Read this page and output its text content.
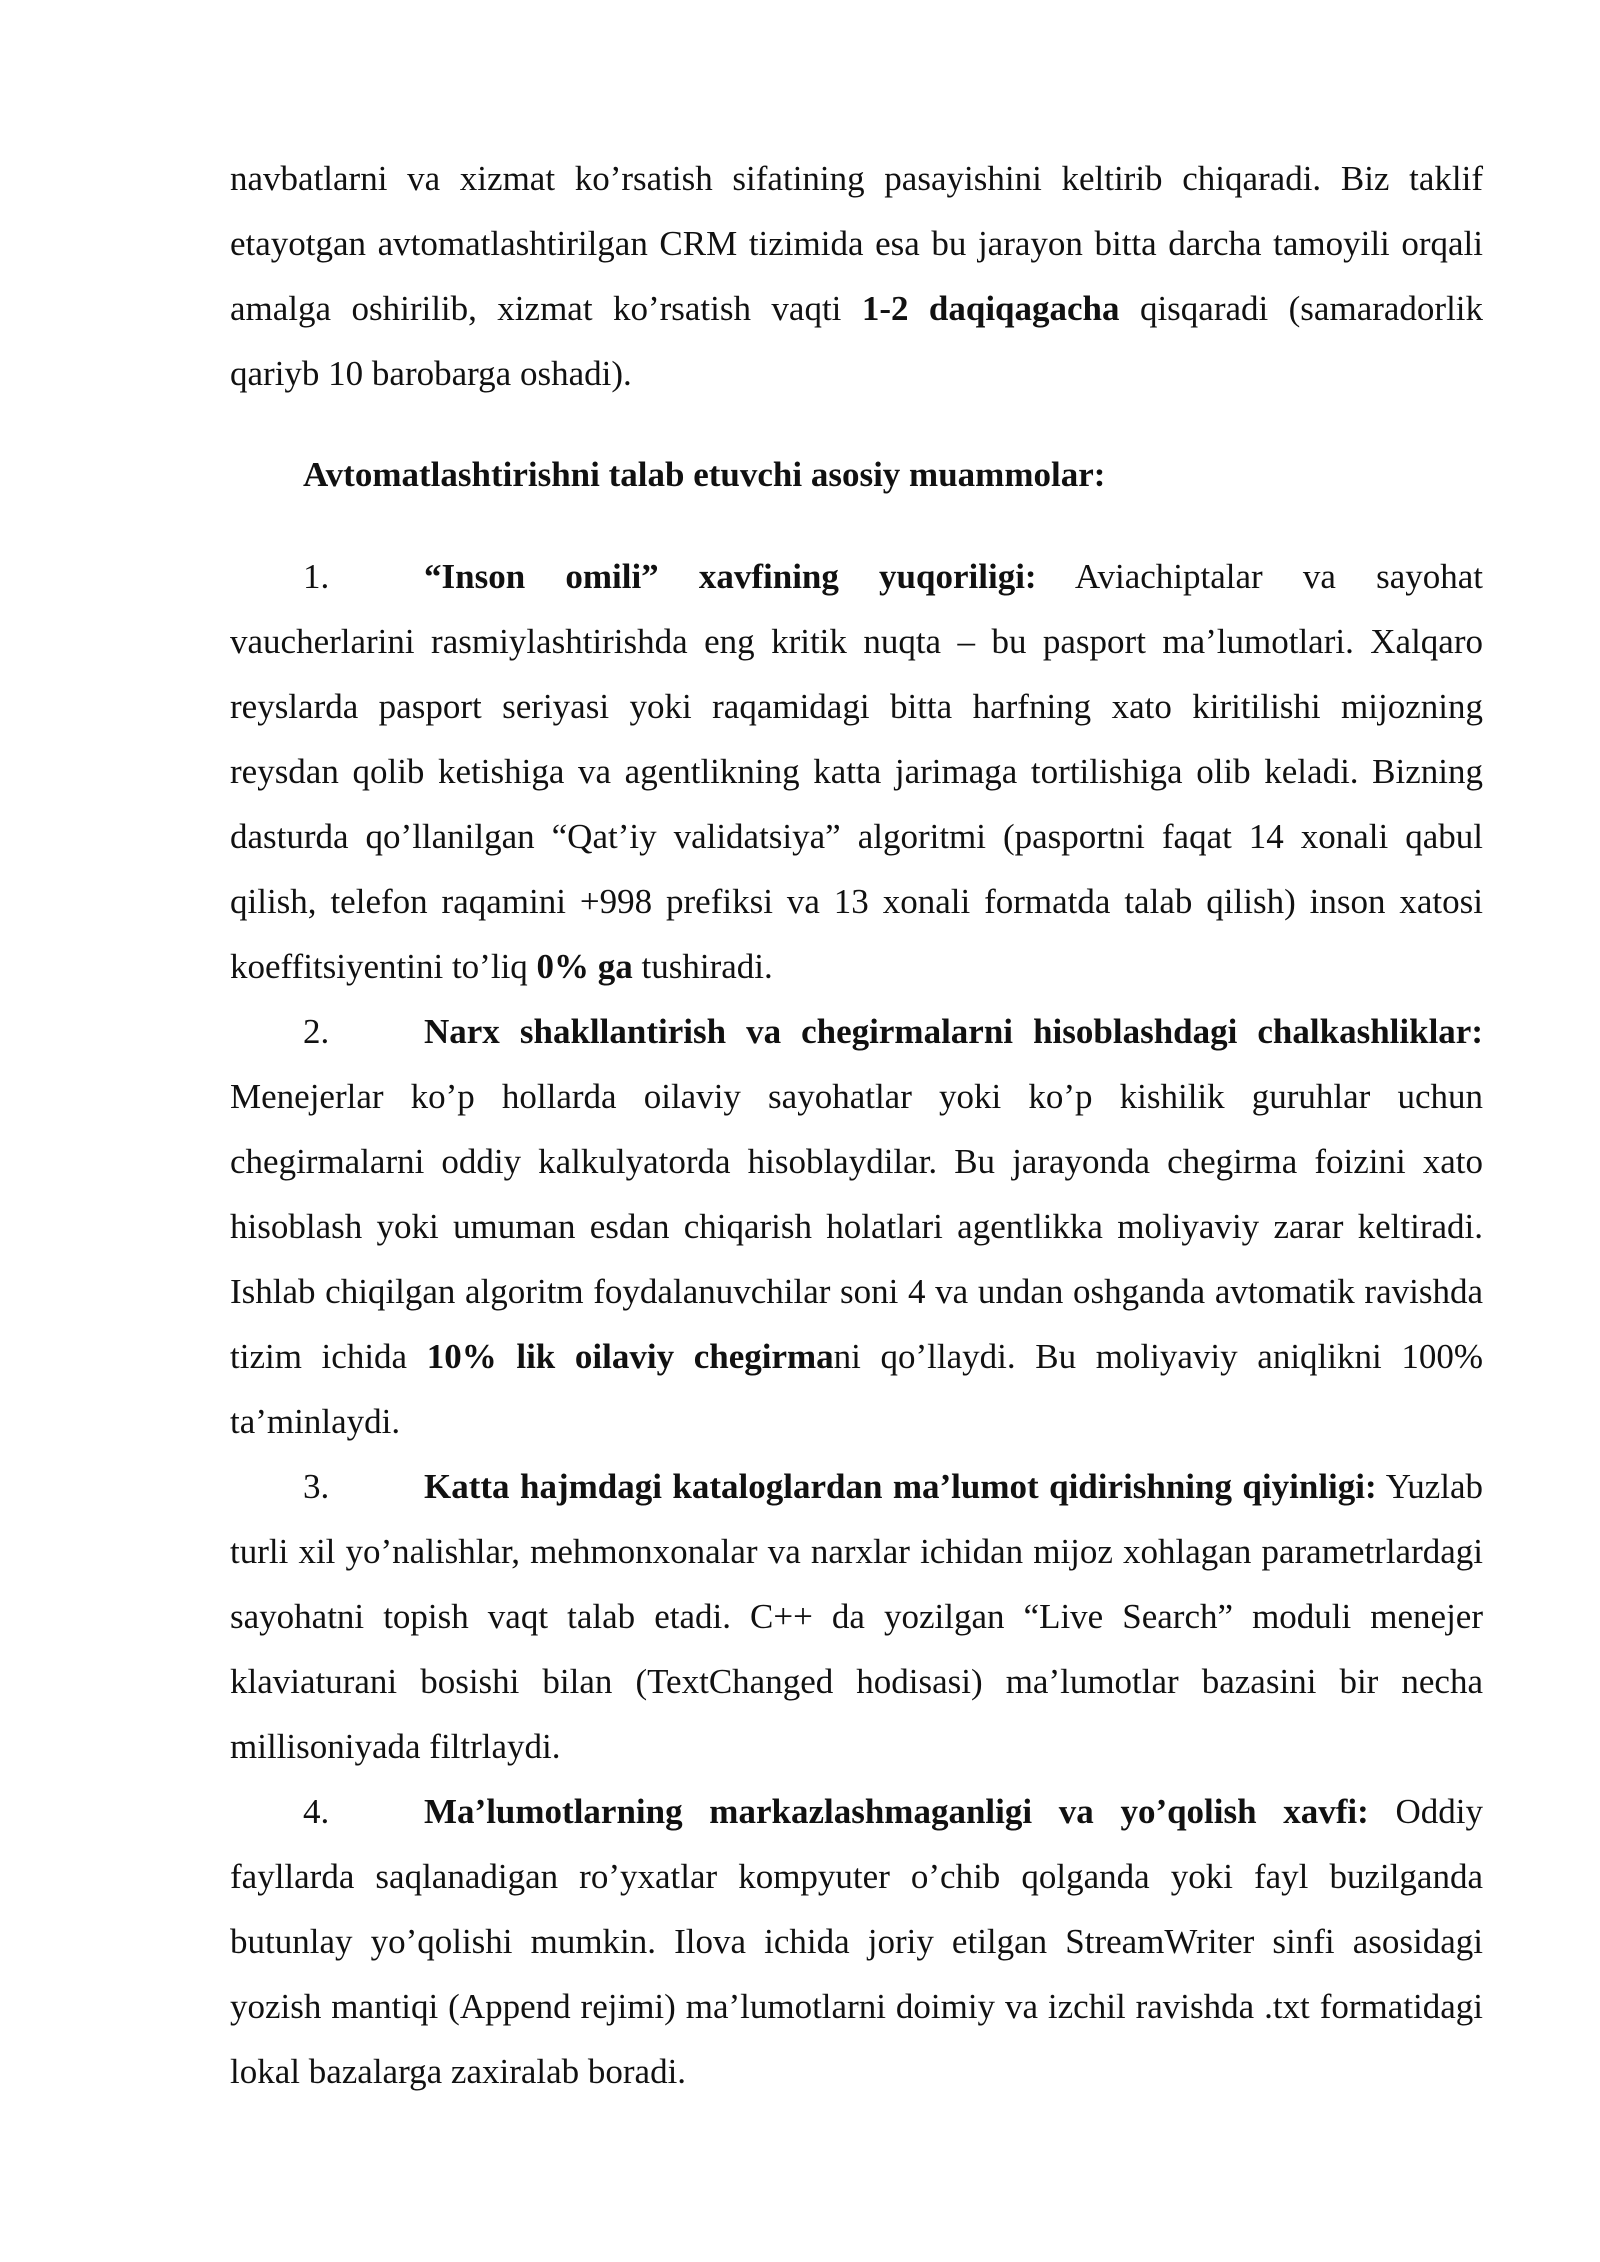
navbatlarni va xizmat ko’rsatish sifatining pasayishini keltirib chiqaradi. Biz taklif etayotgan avtomatlashtirilgan CRM tizimida esa bu jarayon bitta darcha tamoyili orqali amalga oshirilib, xizmat ko’rsatish vaqti 1-2 daqiqagacha qisqaradi (samaradorlik qariyb 10 barobarga oshadi).

Avtomatlashtirishni talab etuvchi asosiy muammolar:

1.	“Inson omili” xavfining yuqoriligi: Aviachiptalar va sayohat vaucherlarini rasmiylashtirishda eng kritik nuqta – bu pasport ma’lumotlari. Xalqaro reyslarda pasport seriyasi yoki raqamidagi bitta harfning xato kiritilishi mijozning reysdan qolib ketishiga va agentlikning katta jarimaga tortilishiga olib keladi. Bizning dasturda qo’llanilgan “Qat’iy validatsiya” algoritmi (pasportni faqat 14 xonali qabul qilish, telefon raqamini +998 prefiksi va 13 xonali formatda talab qilish) inson xatosi koeffitsiyentini to’liq 0% ga tushiradi.

2.	Narx shakllantirish va chegirmalarni hisoblashdagi chalkashliklar: Menejerlar ko’p hollarda oilaviy sayohatlar yoki ko’p kishilik guruhlar uchun chegirmalarni oddiy kalkulyatorda hisoblaydilar. Bu jarayonda chegirma foizini xato hisoblash yoki umuman esdan chiqarish holatlari agentlikka moliyaviy zarar keltiradi. Ishlab chiqilgan algoritm foydalanuvchilar soni 4 va undan oshganda avtomatik ravishda tizim ichida 10% lik oilaviy chegirmani qo’llaydi. Bu moliyaviy aniqlikni 100% ta’minlaydi.

3.	Katta hajmdagi kataloglardan ma’lumot qidirishning qiyinligi: Yuzlab turli xil yo’nalishlar, mehmonxonalar va narxlar ichidan mijoz xohlagan parametrlardagi sayohatni topish vaqt talab etadi. C++ da yozilgan “Live Search” moduli menejer klaviaturani bosishi bilan (TextChanged hodisasi) ma’lumotlar bazasini bir necha millisoniyada filtrlaydi.

4.	Ma’lumotlarning markazlashmaganligi va yo’qolish xavfi: Oddiy fayllarda saqlanadigan ro’yxatlar kompyuter o’chib qolganda yoki fayl buzilganda butunlay yo’qolishi mumkin. Ilova ichida joriy etilgan StreamWriter sinfi asosidagi yozish mantiqi (Append rejimi) ma’lumotlarni doimiy va izchil ravishda .txt formatidagi lokal bazalarga zaxiralab boradi.
